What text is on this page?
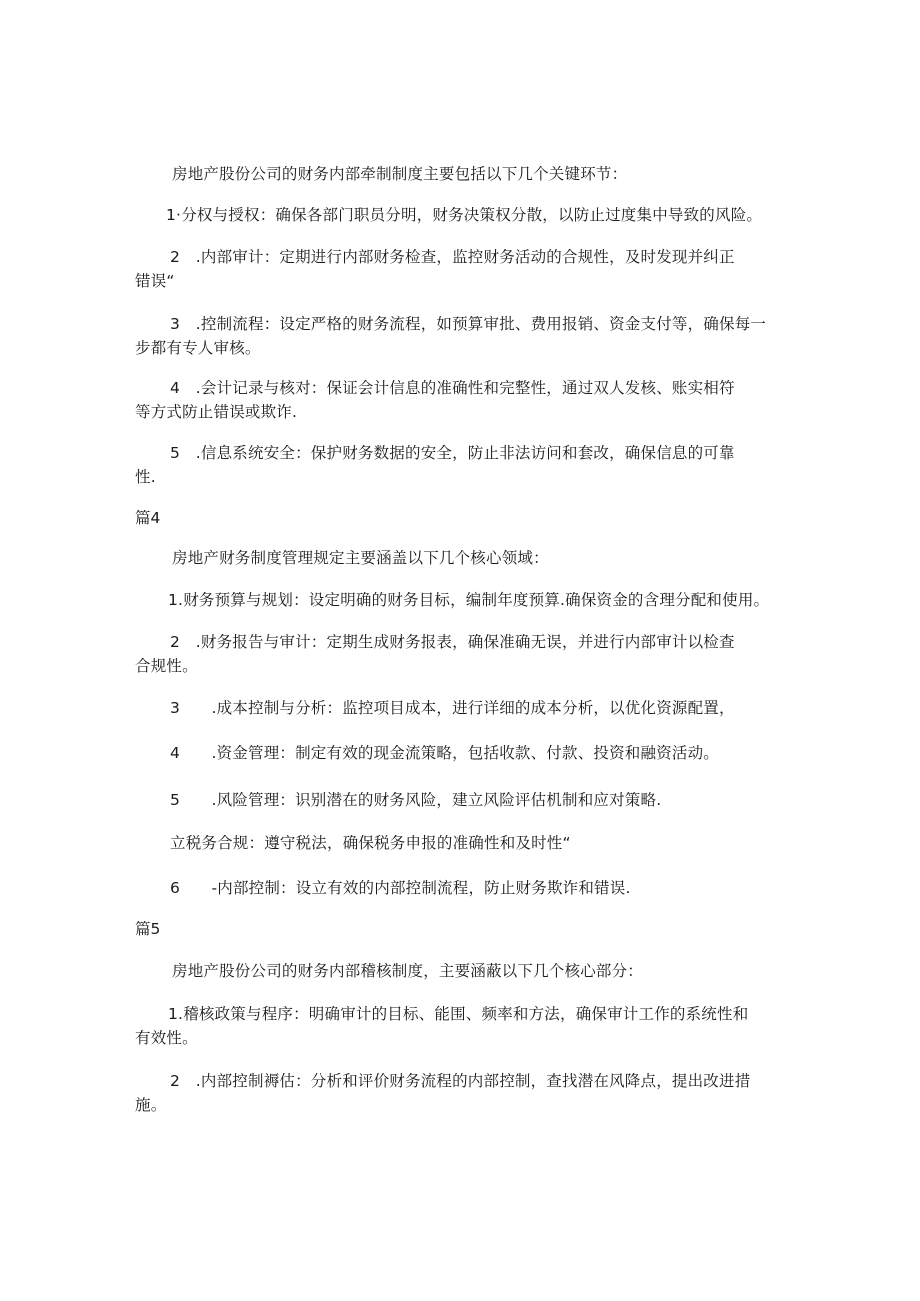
房地产股份公司的财务内部牵制制度主要包括以下几个关键环节：
1·分权与授权：确保各部门职员分明，财务决策权分散，以防止过度集中导致的风险。
2　.内部审计：定期进行内部财务检查，监控财务活动的合规性，及时发现并纠正
错误“
3　.控制流程：设定严格的财务流程，如预算审批、费用报销、资金支付等，确保每一
步都有专人审核。
4　.会计记录与核对：保证会计信息的准确性和完整性，通过双人发核、账实相符
等方式防止错误或欺诈.
5　.信息系统安全：保护财务数据的安全，防止非法访问和套改，确保信息的可靠
性.
篇4
房地产财务制度管理规定主要涵盖以下几个核心领域：
1.财务预算与规划：设定明确的财务目标，编制年度预算.确保资金的含理分配和使用。
2　.财务报告与审计：定期生成财务报表，确保准确无误，并进行内部审计以检查
合规性。
3　　.成本控制与分析：监控项目成本，进行详细的成本分析，以优化资源配置，
4　　.资金管理：制定有效的现金流策略，包括收款、付款、投资和融资活动。
5　　.风险管理：识别潜在的财务风险，建立风险评估机制和应对策略.
立税务合规：遵守税法，确保税务申报的准确性和及时性“
6　　-内部控制：设立有效的内部控制流程，防止财务欺诈和错误.
篇5
房地产股份公司的财务内部稽核制度，主要涵蔽以下几个核心部分：
1.稽核政策与程序：明确审计的目标、能围、频率和方法，确保审计工作的系统性和
有效性。
2　.内部控制褥估：分析和评价财务流程的内部控制，查找潜在风降点，提出改进措
施。
